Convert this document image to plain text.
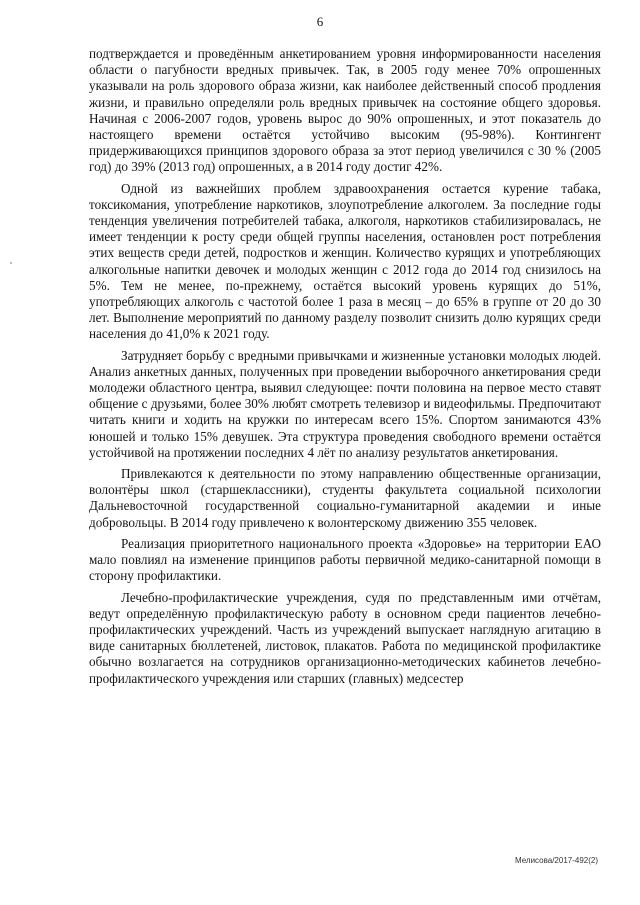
6

подтверждается и проведённым анкетированием уровня информированности населения области о пагубности вредных привычек. Так, в 2005 году менее 70% опрошенных указывали на роль здорового образа жизни, как наиболее действенный способ продления жизни, и правильно определяли роль вредных привычек на состояние общего здоровья. Начиная с 2006-2007 годов, уровень вырос до 90% опрошенных, и этот показатель до настоящего времени остаётся устойчиво высоким (95-98%). Контингент придерживающихся принципов здорового образа за этот период увеличился с 30 % (2005 год) до 39% (2013 год) опрошенных, а в 2014 году достиг 42%.

Одной из важнейших проблем здравоохранения остается курение табака, токсикомания, употребление наркотиков, злоупотребление алкоголем. За последние годы тенденция увеличения потребителей табака, алкоголя, наркотиков стабилизировалась, не имеет тенденции к росту среди общей группы населения, остановлен рост потребления этих веществ среди детей, подростков и женщин. Количество курящих и употребляющих алкогольные напитки девочек и молодых женщин с 2012 года до 2014 год снизилось на 5%. Тем не менее, по-прежнему, остаётся высокий уровень курящих до 51%, употребляющих алкоголь с частотой более 1 раза в месяц – до 65% в группе от 20 до 30 лет. Выполнение мероприятий по данному разделу позволит снизить долю курящих среди населения до 41,0% к 2021 году.

Затрудняет борьбу с вредными привычками и жизненные установки молодых людей. Анализ анкетных данных, полученных при проведении выборочного анкетирования среди молодежи областного центра, выявил следующее: почти половина на первое место ставят общение с друзьями, более 30% любят смотреть телевизор и видеофильмы. Предпочитают читать книги и ходить на кружки по интересам всего 15%. Спортом занимаются 43% юношей и только 15% девушек. Эта структура проведения свободного времени остаётся устойчивой на протяжении последних 4 лёт по анализу результатов анкетирования.

Привлекаются к деятельности по этому направлению общественные организации, волонтёры школ (старшеклассники), студенты факультета социальной психологии Дальневосточной государственной социально-гуманитарной академии и иные добровольцы. В 2014 году привлечено к волонтерскому движению 355 человек.

Реализация приоритетного национального проекта «Здоровье» на территории ЕАО мало повлиял на изменение принципов работы первичной медико-санитарной помощи в сторону профилактики.

Лечебно-профилактические учреждения, судя по представленным ими отчётам, ведут определённую профилактическую работу в основном среди пациентов лечебно-профилактических учреждений. Часть из учреждений выпускает наглядную агитацию в виде санитарных бюллетеней, листовок, плакатов. Работа по медицинской профилактике обычно возлагается на сотрудников организационно-методических кабинетов лечебно-профилактического учреждения или старших (главных) медсестер

Мелисова/2017-492(2)
